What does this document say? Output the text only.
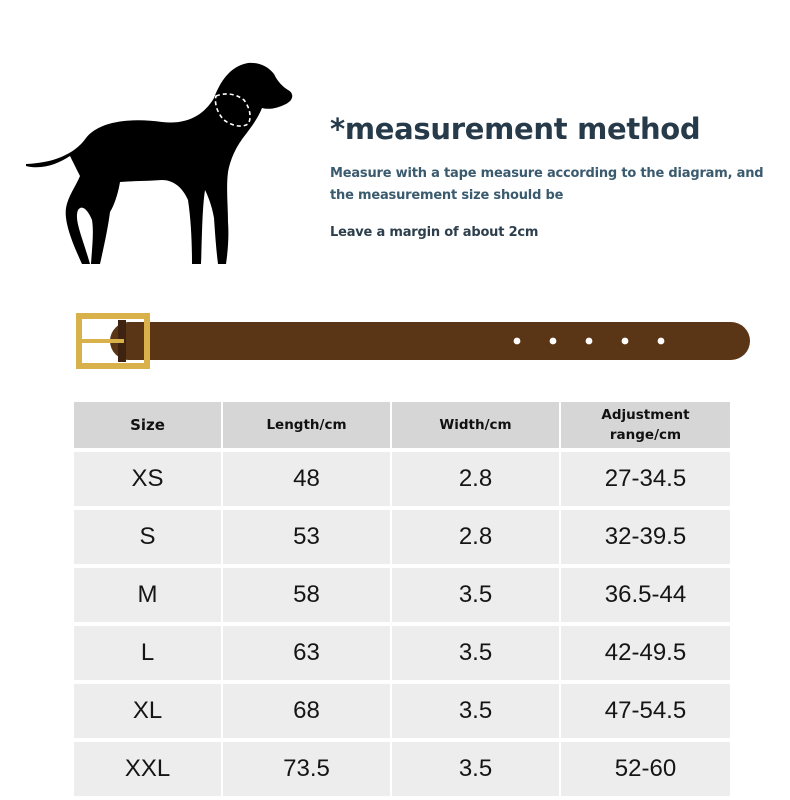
*measurement method
Measure with a tape measure according to the diagram, and the measurement size should be
Leave a margin of about 2cm
Size	Length/cm	Width/cm	Adjustment range/cm
XS	48	2.8	27-34.5
S	53	2.8	32-39.5
M	58	3.5	36.5-44
L	63	3.5	42-49.5
XL	68	3.5	47-54.5
XXL	73.5	3.5	52-60
